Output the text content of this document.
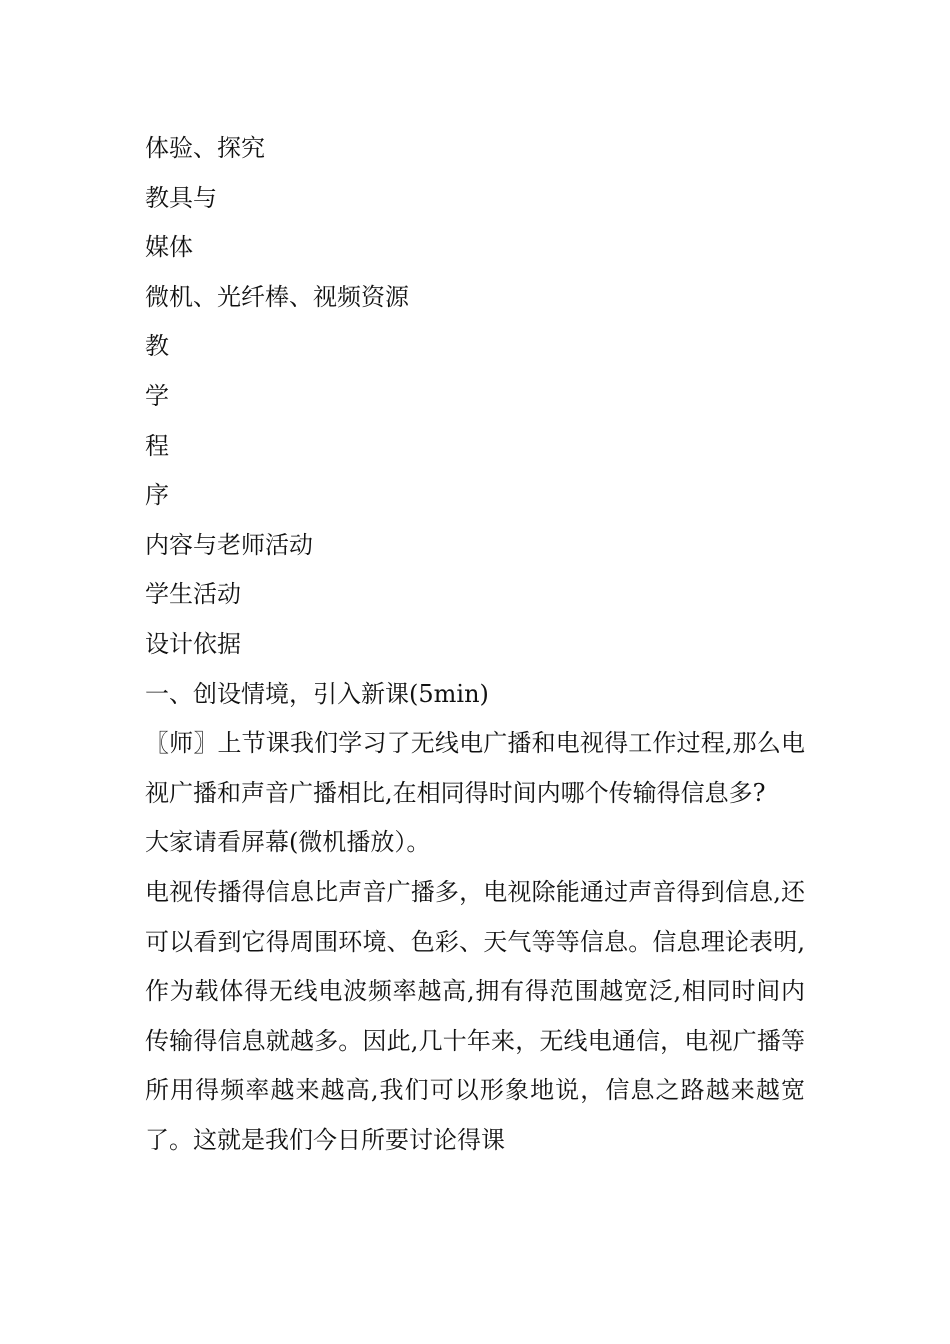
体验、探究

教具与

媒体

微机、光纤棒、视频资源

教

学

程

序

内容与老师活动

学生活动

设计依据

一、创设情境，引入新课(5min)

〖师〗上节课我们学习了无线电广播和电视得工作过程,那么电视广播和声音广播相比,在相同得时间内哪个传输得信息多?

大家请看屏幕(微机播放）。

电视传播得信息比声音广播多，电视除能通过声音得到信息,还可以看到它得周围环境、色彩、天气等等信息。信息理论表明,作为载体得无线电波频率越高,拥有得范围越宽泛,相同时间内传输得信息就越多。因此,几十年来，无线电通信，电视广播等所用得频率越来越高,我们可以形象地说，信息之路越来越宽了。这就是我们今日所要讨论得课
